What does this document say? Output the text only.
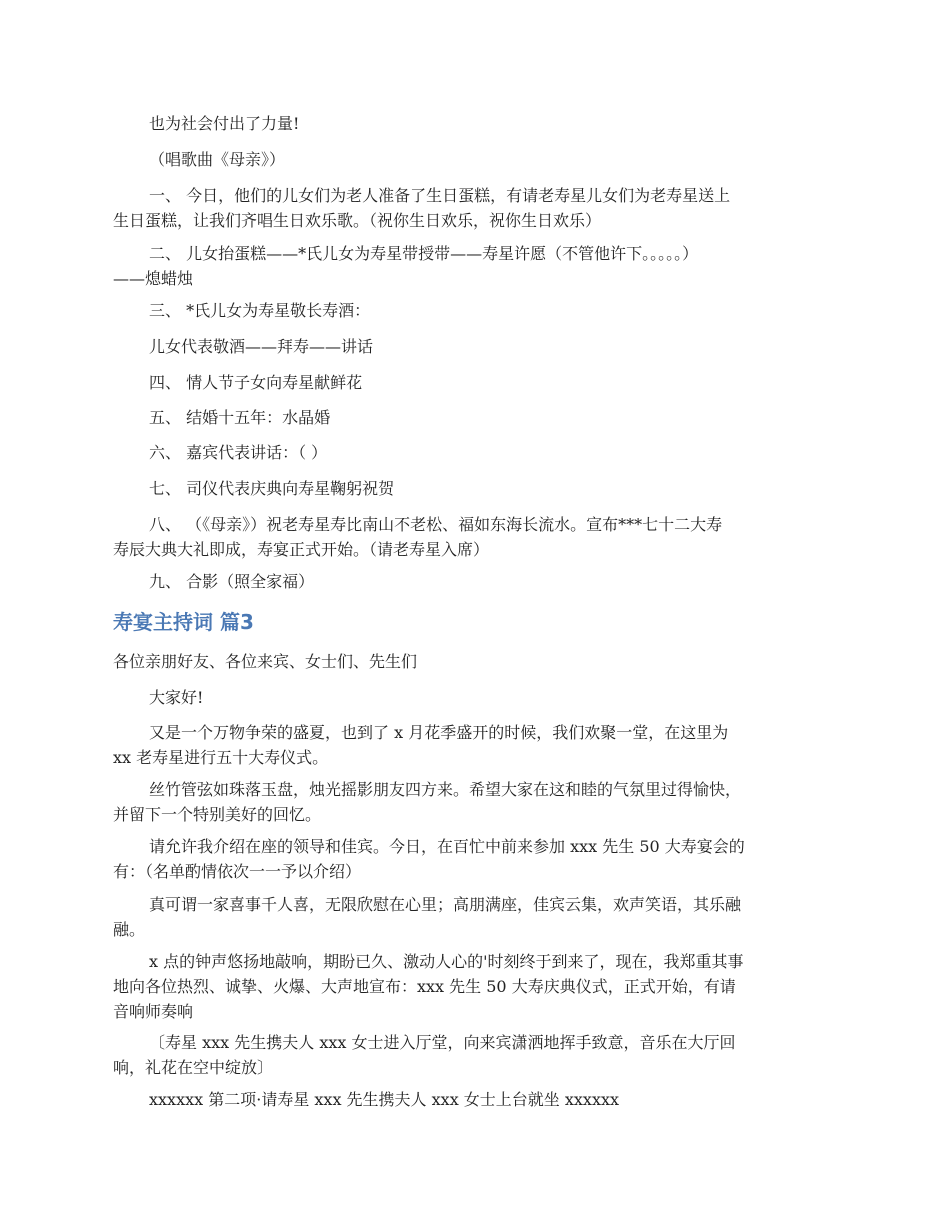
也为社会付出了力量!

（唱歌曲《母亲》）

一、 今日，他们的儿女们为老人准备了生日蛋糕，有请老寿星儿女们为老寿星送上
生日蛋糕，让我们齐唱生日欢乐歌。（祝你生日欢乐，祝你生日欢乐）

二、 儿女抬蛋糕——*氏儿女为寿星带授带——寿星许愿（不管他许下。。。。。）
——熄蜡烛

三、 *氏儿女为寿星敬长寿酒：

儿女代表敬酒——拜寿——讲话

四、 情人节子女向寿星献鲜花

五、 结婚十五年：水晶婚

六、 嘉宾代表讲话：（ ）

七、 司仪代表庆典向寿星鞠躬祝贺

八、 （《母亲》）祝老寿星寿比南山不老松、福如东海长流水。宣布***七十二大寿
寿辰大典大礼即成，寿宴正式开始。（请老寿星入席）

九、 合影（照全家福）

寿宴主持词 篇3

各位亲朋好友、各位来宾、女士们、先生们

大家好!

又是一个万物争荣的盛夏，也到了 x 月花季盛开的时候，我们欢聚一堂，在这里为
xx 老寿星进行五十大寿仪式。

丝竹管弦如珠落玉盘，烛光摇影朋友四方来。希望大家在这和睦的气氛里过得愉快，
并留下一个特别美好的回忆。

请允许我介绍在座的领导和佳宾。今日，在百忙中前来参加 xxx 先生 50 大寿宴会的
有：（名单酌情依次一一予以介绍）

真可谓一家喜事千人喜，无限欣慰在心里；高朋满座，佳宾云集，欢声笑语，其乐融
融。

x 点的钟声悠扬地敲响，期盼已久、激动人心的'时刻终于到来了，现在，我郑重其事
地向各位热烈、诚挚、火爆、大声地宣布：xxx 先生 50 大寿庆典仪式，正式开始，有请
音响师奏响

〔寿星 xxx 先生携夫人 xxx 女士进入厅堂，向来宾潇洒地挥手致意，音乐在大厅回
响，礼花在空中绽放〕

xxxxxx 第二项·请寿星 xxx 先生携夫人 xxx 女士上台就坐 xxxxxx
